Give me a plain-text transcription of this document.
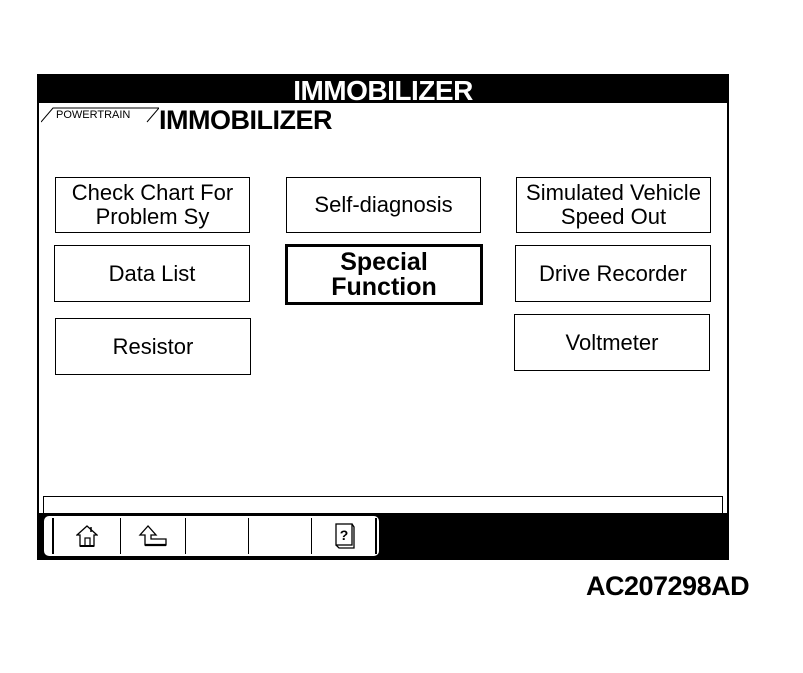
IMMOBILIZER
POWERTRAIN IMMOBILIZER
Check Chart For
Problem Sy	Self-diagnosis	Simulated Vehicle
Speed Out
Data List	Special
Function	Drive Recorder
Resistor	Voltmeter
?
AC207298AD
